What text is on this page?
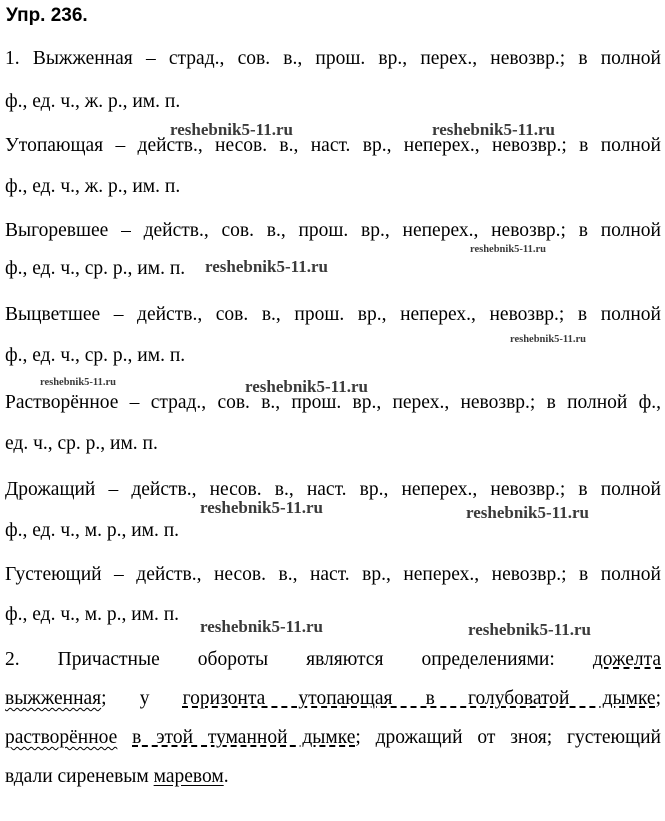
Упр. 236.

1. Выжженная – страд., сов. в., прош. вр., перех., невозвр.; в полной

ф., ед. ч., ж. р., им. п.

Утопающая – действ., несов. в., наст. вр., неперех., невозвр.; в полной

ф., ед. ч., ж. р., им. п.

Выгоревшее – действ., сов. в., прош. вр., неперех., невозвр.; в полной

ф., ед. ч., ср. р., им. п.

Выцветшее – действ., сов. в., прош. вр., неперех., невозвр.; в полной

ф., ед. ч., ср. р., им. п.

Растворённое – страд., сов. в., прош. вр., перех., невозвр.; в полной ф.,

ед. ч., ср. р., им. п.

Дрожащий – действ., несов. в., наст. вр., неперех., невозвр.; в полной

ф., ед. ч., м. р., им. п.

Густеющий – действ., несов. в., наст. вр., неперех., невозвр.; в полной

ф., ед. ч., м. р., им. п.

2. Причастные обороты являются определениями: дожелта

выжженная; у горизонта утопающая в голубоватой дымке;

растворённое в этой туманной дымке; дрожащий от зноя; густеющий

вдали сиреневым маревом.

reshebnik5-11.ru	reshebnik5-11.ru
reshebnik5-11.ru
reshebnik5-11.ru
reshebnik5-11.ru
reshebnik5-11.ru	reshebnik5-11.ru
reshebnik5-11.ru	reshebnik5-11.ru
reshebnik5-11.ru	reshebnik5-11.ru
